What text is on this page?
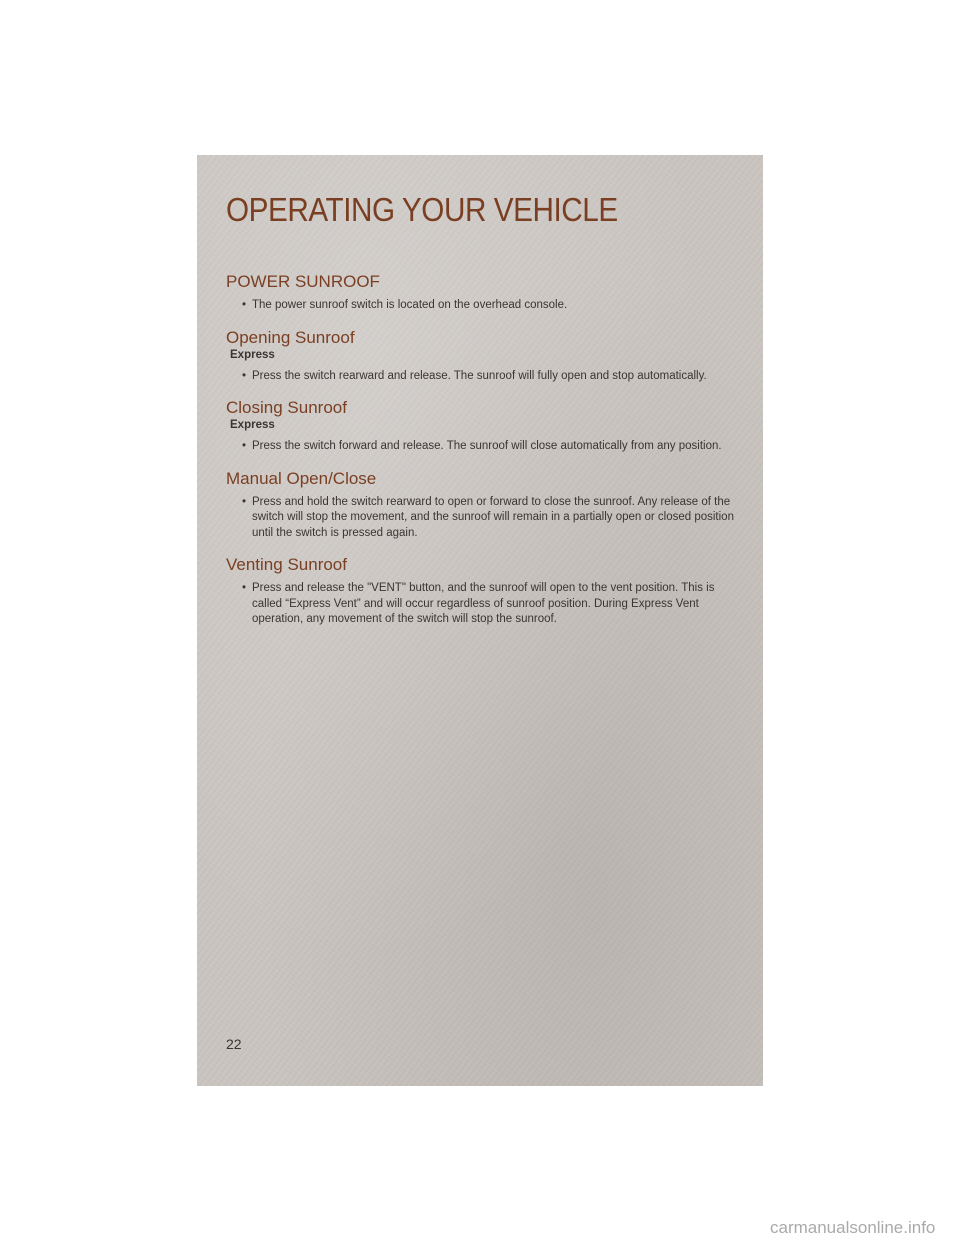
OPERATING YOUR VEHICLE
POWER SUNROOF
• The power sunroof switch is located on the overhead console.
Opening Sunroof

Express

• Press the switch rearward and release. The sunroof will fully open and stop automatically.
Closing Sunroof

Express

• Press the switch forward and release. The sunroof will close automatically from any position.
Manual Open/Close
• Press and hold the switch rearward to open or forward to close the sunroof. Any release of the switch will stop the movement, and the sunroof will remain in a partially open or closed position until the switch is pressed again.
Venting Sunroof
• Press and release the "VENT" button, and the sunroof will open to the vent position. This is called “Express Vent” and will occur regardless of sunroof position. During Express Vent operation, any movement of the switch will stop the sunroof.
22
carmanualsonline.info
